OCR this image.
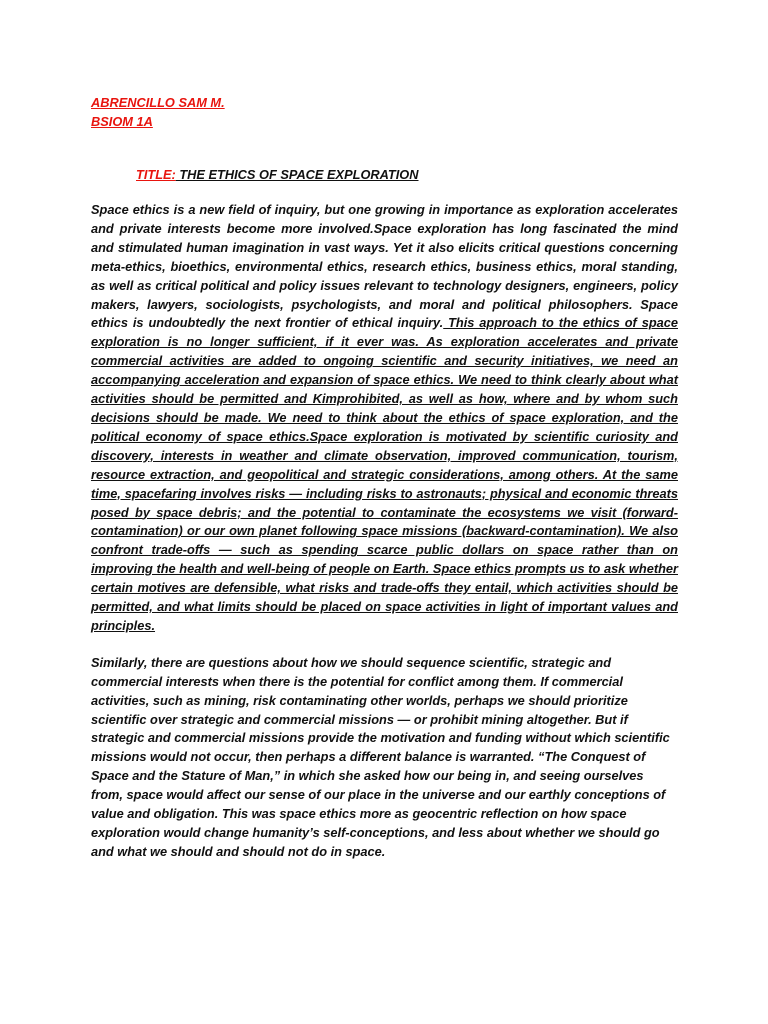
ABRENCILLO SAM M.
BSIOM 1A
TITLE: THE ETHICS OF SPACE EXPLORATION
Space ethics is a new field of inquiry, but one growing in importance as exploration accelerates and private interests become more involved.Space exploration has long fascinated the mind and stimulated human imagination in vast ways. Yet it also elicits critical questions concerning meta-ethics, bioethics, environmental ethics, research ethics, business ethics, moral standing, as well as critical political and policy issues relevant to technology designers, engineers, policy makers, lawyers, sociologists, psychologists, and moral and political philosophers. Space ethics is undoubtedly the next frontier of ethical inquiry. This approach to the ethics of space exploration is no longer sufficient, if it ever was. As exploration accelerates and private commercial activities are added to ongoing scientific and security initiatives, we need an accompanying acceleration and expansion of space ethics. We need to think clearly about what activities should be permitted and Kimprohibited, as well as how, where and by whom such decisions should be made. We need to think about the ethics of space exploration, and the political economy of space ethics.Space exploration is motivated by scientific curiosity and discovery, interests in weather and climate observation, improved communication, tourism, resource extraction, and geopolitical and strategic considerations, among others. At the same time, spacefaring involves risks — including risks to astronauts; physical and economic threats posed by space debris; and the potential to contaminate the ecosystems we visit (forward-contamination) or our own planet following space missions (backward-contamination). We also confront trade-offs — such as spending scarce public dollars on space rather than on improving the health and well-being of people on Earth. Space ethics prompts us to ask whether certain motives are defensible, what risks and trade-offs they entail, which activities should be permitted, and what limits should be placed on space activities in light of important values and principles.
Similarly, there are questions about how we should sequence scientific, strategic and commercial interests when there is the potential for conflict among them. If commercial activities, such as mining, risk contaminating other worlds, perhaps we should prioritize scientific over strategic and commercial missions — or prohibit mining altogether. But if strategic and commercial missions provide the motivation and funding without which scientific missions would not occur, then perhaps a different balance is warranted. “The Conquest of Space and the Stature of Man,” in which she asked how our being in, and seeing ourselves from, space would affect our sense of our place in the universe and our earthly conceptions of value and obligation. This was space ethics more as geocentric reflection on how space exploration would change humanity’s self-conceptions, and less about whether we should go and what we should and should not do in space.
